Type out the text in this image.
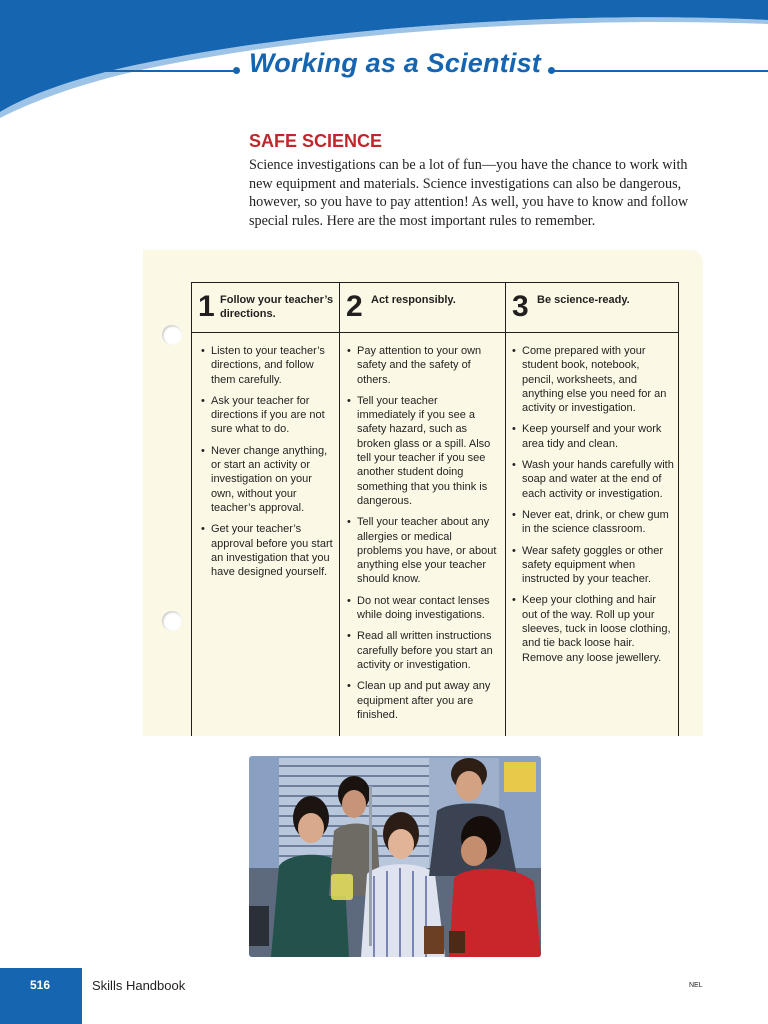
Working as a Scientist
SAFE SCIENCE

Science investigations can be a lot of fun—you have the chance to work with new equipment and materials. Science investigations can also be dangerous, however, so you have to pay attention! As well, you have to know and follow special rules. Here are the most important rules to remember.

1 Follow your teacher’s directions.
• Listen to your teacher’s directions, and follow them carefully.
• Ask your teacher for directions if you are not sure what to do.
• Never change anything, or start an activity or investigation on your own, without your teacher’s approval.
• Get your teacher’s approval before you start an investigation that you have designed yourself.
2 Act responsibly.
• Pay attention to your own safety and the safety of others.
• Tell your teacher immediately if you see a safety hazard, such as broken glass or a spill. Also tell your teacher if you see another student doing something that you think is dangerous.
• Tell your teacher about any allergies or medical problems you have, or about anything else your teacher should know.
• Do not wear contact lenses while doing investigations.
• Read all written instructions carefully before you start an activity or investigation.
• Clean up and put away any equipment after you are finished.
3 Be science-ready.
• Come prepared with your student book, notebook, pencil, worksheets, and anything else you need for an activity or investigation.
• Keep yourself and your work area tidy and clean.
• Wash your hands carefully with soap and water at the end of each activity or investigation.
• Never eat, drink, or chew gum in the science classroom.
• Wear safety goggles or other safety equipment when instructed by your teacher.
• Keep your clothing and hair out of the way. Roll up your sleeves, tuck in loose clothing, and tie back loose hair. Remove any loose jewellery.
516	Skills Handbook	NEL
